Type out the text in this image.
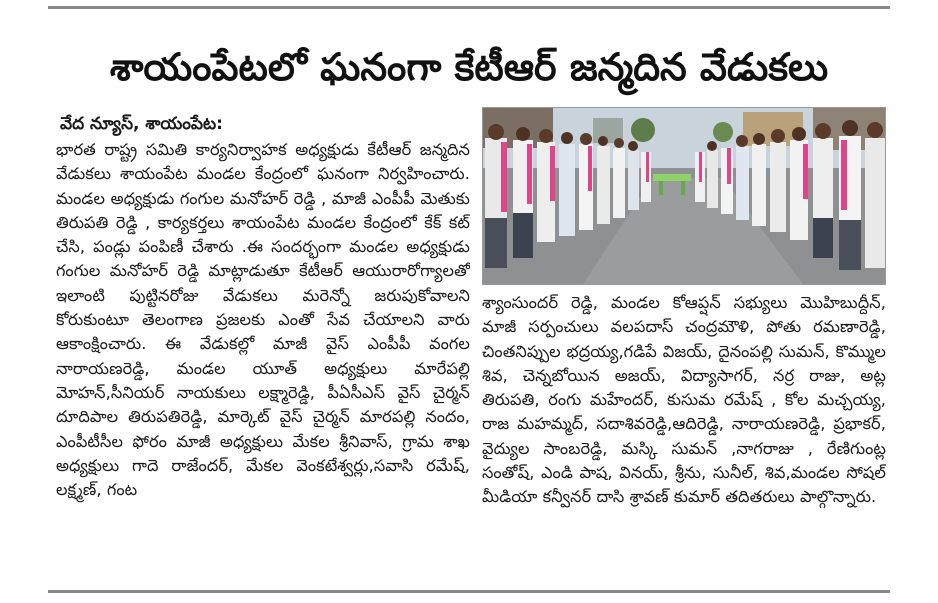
శాయంపేటలో ఘనంగా కేటీఆర్ జన్మదిన వేడుకలు
వేద న్యూస్, శాయంపేట:

భారత రాష్ట్ర సమితి కార్యనిర్వాహక అధ్యక్షుడు కేటీఆర్ జన్మదిన వేడుకలు శాయంపేట మండల కేంద్రంలో ఘనంగా నిర్వహించారు. మండల అధ్యక్షుడు గంగుల మనోహర్ రెడ్డి , మాజీ ఎంపీపీ మెతుకు తిరుపతి రెడ్డి , కార్యకర్తలు శాయంపేట మండల కేంద్రంలో కేక్ కట్ చేసి, పండ్లు పంపిణీ చేశారు .ఈ సందర్భంగా మండల అధ్యక్షుడు గంగుల మనోహర్ రెడ్డి మాట్లాడుతూ కేటీఆర్ ఆయురారోగ్యాలతో ఇలాంటి పుట్టినరోజు వేడుకలు మరెన్నో జరుపుకోవాలని కోరుకుంటూ తెలంగాణ ప్రజలకు ఎంతో సేవ చేయాలని వారు ఆకాంక్షించారు. ఈ వేడుకల్లో మాజీ వైస్ ఎంపీపీ వంగల నారాయణరెడ్డి, మండల యూత్ అధ్యక్షులు మారేపల్లి మోహన్,సీనియర్ నాయకులు లక్ష్మారెడ్డి, పీఏసీఎస్ వైస్ చైర్మన్ దూదిపాల తిరుపతిరెడ్డి, మార్కెట్ వైస్ చైర్మన్ మారపల్లి నందం, ఎంపీటీసీల ఫోరం మాజీ అధ్యక్షులు మేకల శ్రీనివాస్, గ్రామ శాఖ అధ్యక్షులు గాదె రాజేందర్, మేకల వెంకటేశ్వర్లు,సవాసి రమేష్, లక్ష్మణ్, గంట

శ్యాంసుందర్ రెడ్డి, మండల కోఆప్షన్ సభ్యులు మొహిబుద్దీన్, మాజీ సర్పంచులు వలపదాస్ చంద్రమౌళి, పోతు రమణారెడ్డి, చింతనిప్పుల భద్రయ్య,గడిపే విజయ్, దైనంపల్లి సుమన్, కొమ్ముల శివ, చెన్నబోయిన అజయ్, విద్యాసాగర్, నర్ర రాజు, అట్ల తిరుపతి, రంగు మహేందర్, కుసుమ రమేష్ , కోల మచ్చయ్య, రాజ మహమ్మద్, సదాశివరెడ్డి,ఆదిరెడ్డి, నారాయణరెడ్డి, ప్రభాకర్, వైద్యుల సాంబరెడ్డి, మస్కి సుమన్ ,నాగరాజు , రేణిగుంట్ల సంతోష్, ఎండి పాష, వినయ్, శ్రీను, సునీల్, శివ,మండల సోషల్ మీడియా కన్వీనర్ దాసి శ్రావణ్ కుమార్ తదితరులు పాల్గొన్నారు.
